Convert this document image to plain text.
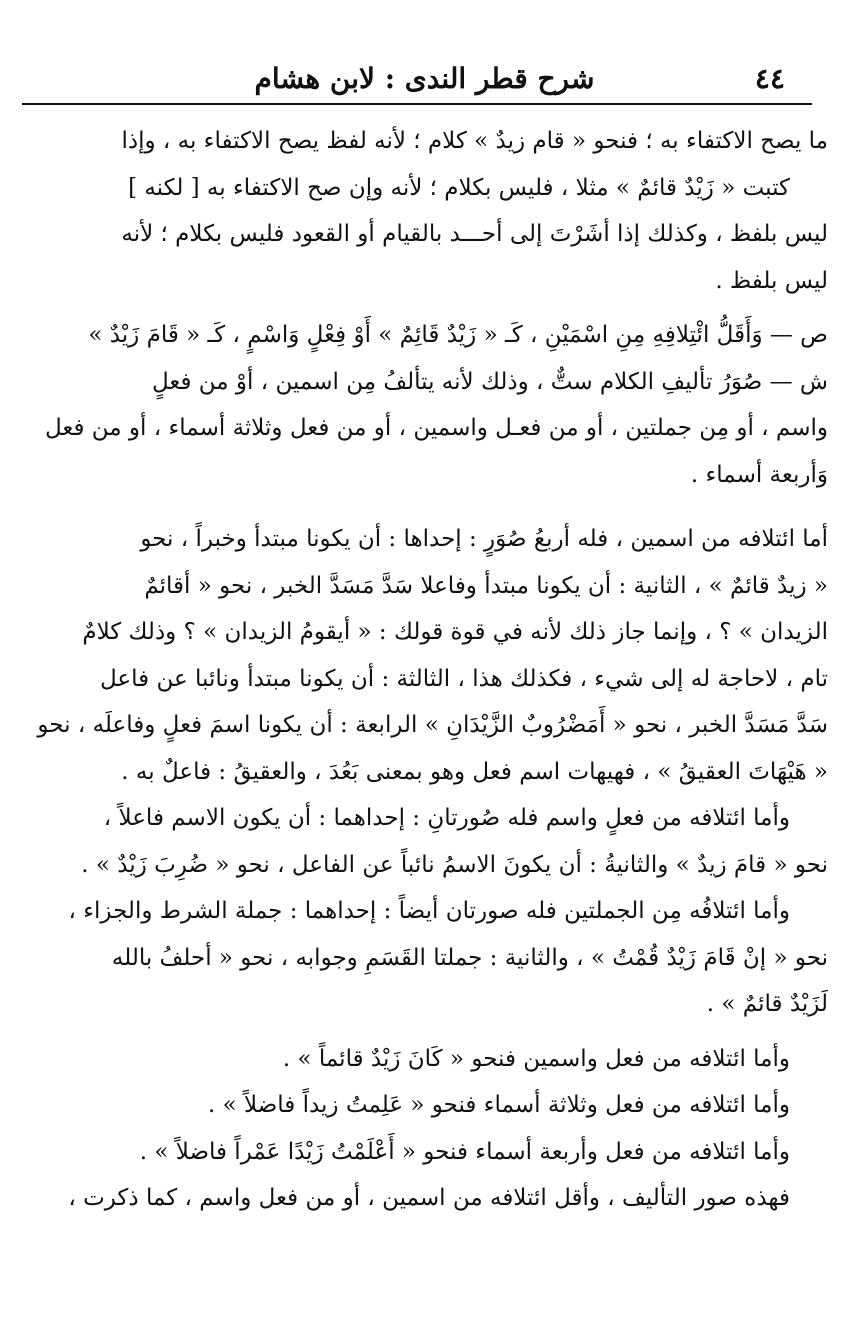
٤٤
شرح قطر الندى : لابن هشام
ما يصح الاكتفاء به ؛ فنحو « قام زيدٌ » كلام ؛ لأنه لفظ يصح الاكتفاء به ، وإذا
كتبت « زَيْدٌ قائمٌ » مثلا ، فليس بكلام ؛ لأنه وإن صح الاكتفاء به [ لكنه ]
ليس بلفظ ، وكذلك إذا أشَرْتَ إلى أحـــد بالقيام أو القعود فليس بكلام ؛ لأنه
ليس بلفظ .
ص — وَأَقَلُّ ائْتِلافِهِ مِنِ اسْمَيْنِ ، كَـ « زَيْدٌ قَائِمٌ » أَوْ فِعْلٍ وَاسْمٍ ، كَـ « قَامَ زَيْدٌ »
ش — صُوَرُ تأليفِ الكلام ستٌّ ، وذلك لأنه يتألفُ مِن اسمين ، أوْ من فعلٍ
واسم ، أو مِن جملتين ، أو من فعـل واسمين ، أو من فعل وثلاثة أسماء ، أو من فعل
وَأربعة أسماء .
أما ائتلافه من اسمين ، فله أربعُ صُوَرٍ : إحداها : أن يكونا مبتدأ وخبراً ، نحو
« زيدٌ قائمٌ » ، الثانية : أن يكونا مبتدأ وفاعلا سَدَّ مَسَدَّ الخبر ، نحو « أقائمٌ
الزيدان » ؟ ، وإنما جاز ذلك لأنه في قوة قولك : « أيقومُ الزيدان » ؟ وذلك كلامٌ
تام ، لاحاجة له إلى شيء ، فكذلك هذا ، الثالثة : أن يكونا مبتدأ ونائبا عن فاعل
سَدَّ مَسَدَّ الخبر ، نحو « أَمَضْرُوبٌ الزَّيْدَانِ » الرابعة : أن يكونا اسمَ فعلٍ وفاعلَه ، نحو
« هَيْهَاتَ العقيقُ » ، فهيهات اسم فعل وهو بمعنى بَعُدَ ، والعقيقُ : فاعلٌ به .
وأما ائتلافه من فعلٍ واسم فله صُورتانِ : إحداهما : أن يكون الاسم فاعلاً ،
نحو « قامَ زيدٌ » والثانيةُ : أن يكونَ الاسمُ نائباً عن الفاعل ، نحو « ضُرِبَ زَيْدٌ » .
وأما ائتلافُه مِن الجملتين فله صورتان أيضاً : إحداهما : جملة الشرط والجزاء ،
نحو « إنْ قَامَ زَيْدٌ قُمْتُ » ، والثانية : جملتا القَسَمِ وجوابه ، نحو « أحلفُ بالله
لَزَيْدٌ قائمٌ » .
وأما ائتلافه من فعل واسمين فنحو « كَانَ زَيْدٌ قائماً » .
وأما ائتلافه من فعل وثلاثة أسماء فنحو « عَلِمتُ زيداً فاضلاً » .
وأما ائتلافه من فعل وأربعة أسماء فنحو « أَعْلَمْتُ زَيْدًا عَمْراً فاضلاً » .
فهذه صور التأليف ، وأقل ائتلافه من اسمين ، أو من فعل واسم ، كما ذكرت ،
